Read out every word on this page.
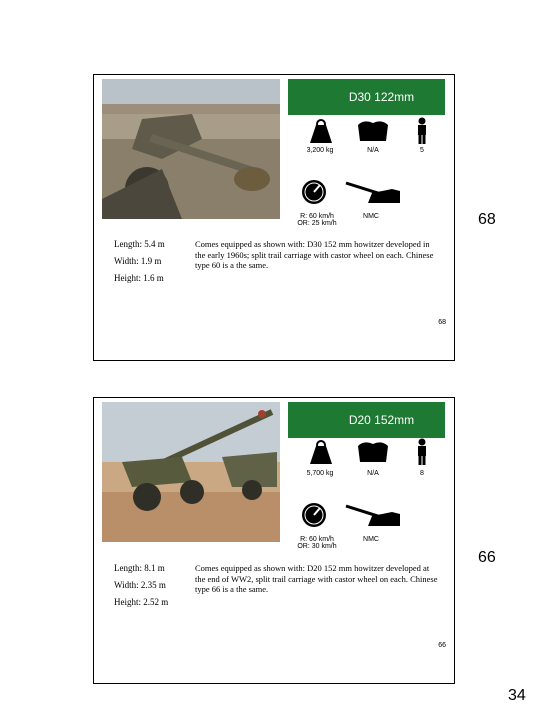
D30 122mm
3,200 kg	N/A	5
R: 60 km/h
OR: 25 km/h
NMC
Length: 5.4 m
Width: 1.9 m
Height: 1.6 m
Comes equipped as shown with: D30 152 mm howitzer developed in the early 1960s; split trail carriage with castor wheel on each. Chinese type 60 is a the same.
68
68
D20 152mm
5,700 kg	N/A	8
R: 60 km/h
OR: 30 km/h
NMC
Length: 8.1 m
Width: 2.35 m
Height: 2.52 m
Comes equipped as shown with: D20 152 mm howitzer developed at the end of WW2, split trail carriage with castor wheel on each. Chinese type 66 is a the same.
66
66
34
